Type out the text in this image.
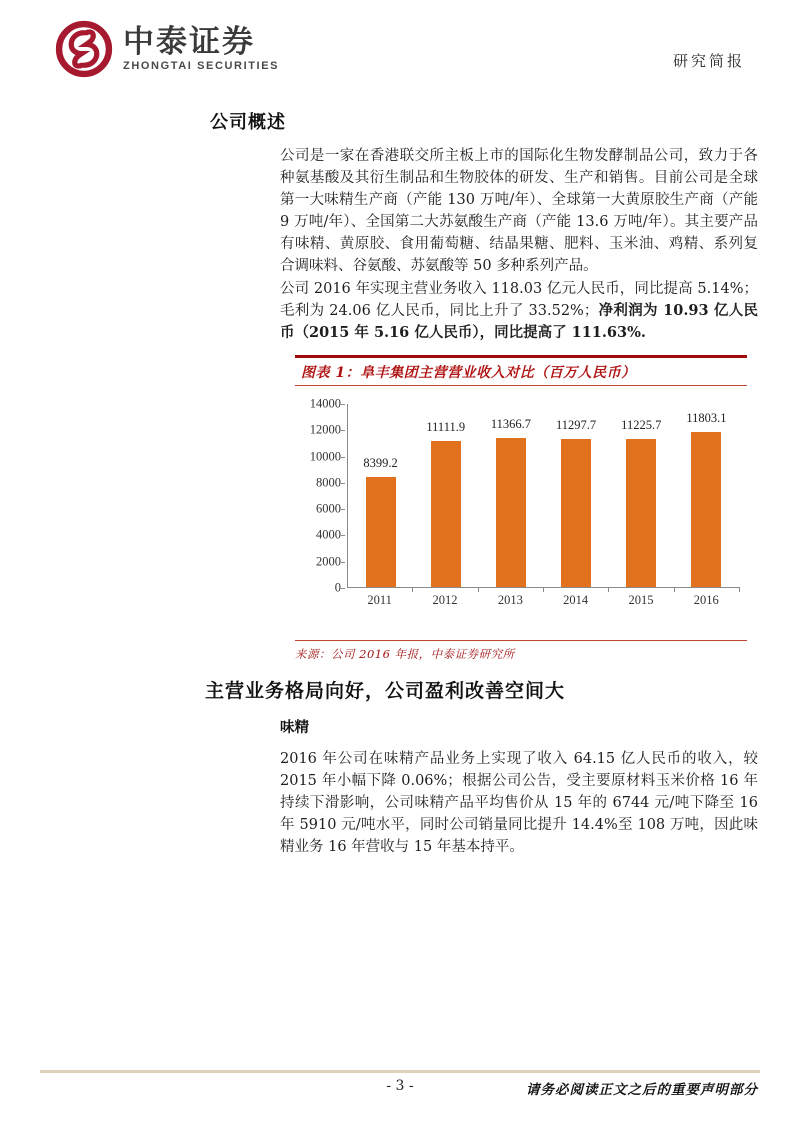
中泰证券
ZHONGTAI SECURITIES	研究简报
公司概述
公司是一家在香港联交所主板上市的国际化生物发酵制品公司，致力于各种氨基酸及其衍生制品和生物胶体的研发、生产和销售。目前公司是全球第一大味精生产商（产能 130 万吨/年）、全球第一大黄原胶生产商（产能 9 万吨/年）、全国第二大苏氨酸生产商（产能 13.6 万吨/年）。其主要产品有味精、黄原胶、食用葡萄糖、结晶果糖、肥料、玉米油、鸡精、系列复合调味料、谷氨酸、苏氨酸等 50 多种系列产品。
公司 2016 年实现主营业务收入 118.03 亿元人民币，同比提高 5.14%；毛利为 24.06 亿人民币，同比上升了 33.52%；净利润为 10.93 亿人民币（2015 年 5.16 亿人民币），同比提高了 111.63%.
图表 1：阜丰集团主营营业收入对比（百万人民币）
14000
12000
10000
8000
6000
4000
2000
0
8399.2
11111.9 11366.7 11297.7 11225.7
11803.1
2011	2012	2013	2014	2015	2016
来源：公司 2016 年报，中泰证券研究所
主营业务格局向好，公司盈利改善空间大
味精
2016 年公司在味精产品业务上实现了收入 64.15 亿人民币的收入，较 2015 年小幅下降 0.06%；根据公司公告，受主要原材料玉米价格 16 年持续下滑影响，公司味精产品平均售价从 15 年的 6744 元/吨下降至 16 年 5910 元/吨水平，同时公司销量同比提升 14.4%至 108 万吨，因此味精业务 16 年营收与 15 年基本持平。
- 3 -	请务必阅读正文之后的重要声明部分
